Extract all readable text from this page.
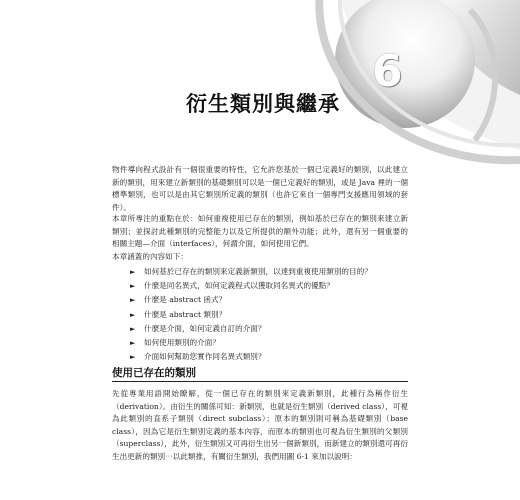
6
衍生類別與繼承

物件導向程式設計有一個很重要的特性，它允許您基於一個已定義好的類別，以此建立新的類別，用來建立新類別的基礎類別可以是一個已定義好的類別，或是 Java 裡的一個標準類別，也可以是由其它類別所定義的類別（也許它來自一個專門支援應用領域的套件）。

本章所專注的重點在於：如何重複使用已存在的類別，例如基於已存在的類別來建立新類別；並探討此種類別的完整能力以及它所提供的額外功能；此外，還有另一個重要的相關主題—介面（interfaces），何謂介面，如何使用它們。

本章涵蓋的內容如下：

► 如何基於已存在的類別來定義新類別，以達到重複使用類別的目的？
► 什麼是同名異式，如何定義程式以獲取同名異式的優點？
► 什麼是 abstract 函式？
► 什麼是 abstract 類別？
► 什麼是介面，如何定義自訂的介面？
► 如何使用類別的介面？
► 介面如何幫助您實作同名異式類別？
使用已存在的類別

先從專業用語開始瞭解，從一個已存在的類別來定義新類別，此種行為稱作衍生（derivation）。由衍生的關係可知：新類別，也就是衍生類別（derived class），可視為此類別的直系子類別（direct subclass）；原本的類別則可稱為基礎類別（base class），因為它是衍生類別定義的基本內容，而原本的類別也可視為衍生類別的父類別（superclass），此外，衍生類別又可再衍生出另一個新類別，而新建立的類別還可再衍生出更新的類別⋯以此類推，有關衍生類別，我們用圖 6-1 來加以說明：
